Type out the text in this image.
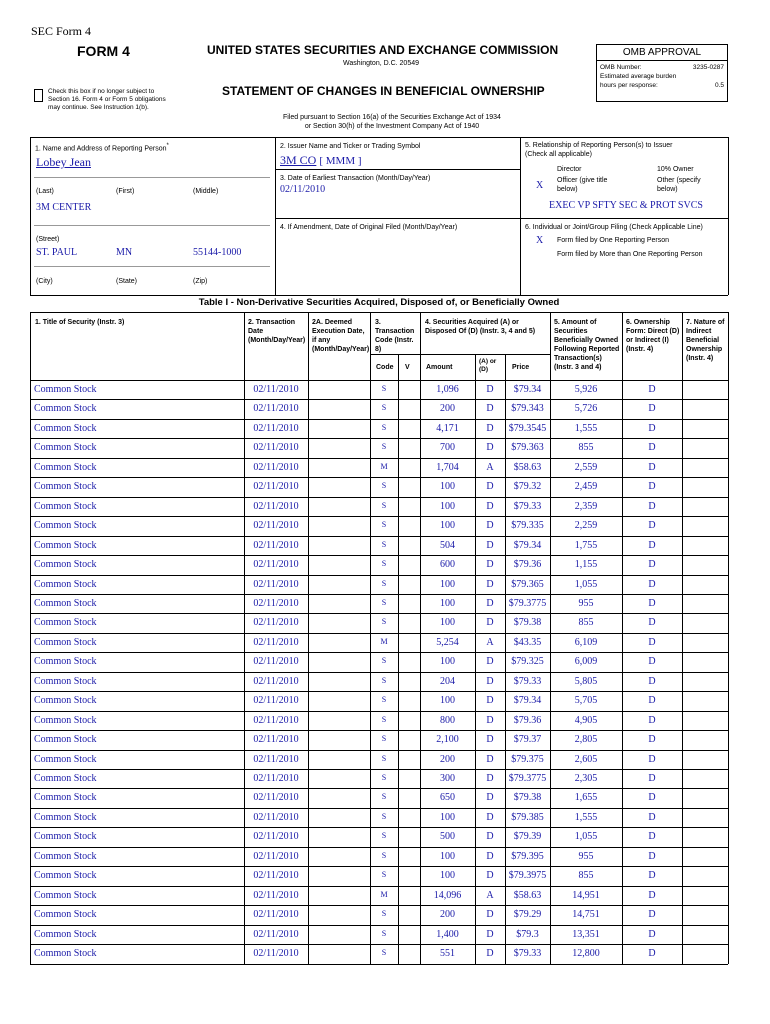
SEC Form 4
FORM 4	UNITED STATES SECURITIES AND EXCHANGE COMMISSION
Washington, D.C. 20549
Check this box if no longer subject to
Section 16. Form 4 or Form 5 obligations
may continue. See Instruction 1(b).
STATEMENT OF CHANGES IN BENEFICIAL OWNERSHIP
Filed pursuant to Section 16(a) of the Securities Exchange Act of 1934
or Section 30(h) of the Investment Company Act of 1940
OMB APPROVAL
OMB Number:	3235-0287
Estimated average burden
hours per response:	0.5
1. Name and Address of Reporting Person*
Lobey Jean
(Last)	(First)	(Middle)
3M CENTER
(Street)
ST. PAUL	MN	55144-1000
(City)	(State)	(Zip)
2. Issuer Name and Ticker or Trading Symbol
3M CO [ MMM ]
3. Date of Earliest Transaction (Month/Day/Year)
02/11/2010
4. If Amendment, Date of Original Filed (Month/Day/Year)
5. Relationship of Reporting Person(s) to Issuer
(Check all applicable)
Director	10% Owner
X Officer (give title
below)
Other (specify
below)
EXEC VP SFTY SEC & PROT SVCS
6. Individual or Joint/Group Filing (Check Applicable Line)
X Form filed by One Reporting Person
Form filed by More than One Reporting Person
Table I - Non-Derivative Securities Acquired, Disposed of, or Beneficially Owned
1. Title of Security (Instr. 3)	2. Transaction
Date
(Month/Day/Year)
2A. Deemed
Execution Date,
if any
(Month/Day/Year)
3.
Transaction
Code (Instr.
8)
4. Securities Acquired (A) or
Disposed Of (D) (Instr. 3, 4 and 5)
5. Amount of
Securities
Beneficially Owned
Following Reported
Transaction(s)
(Instr. 3 and 4)
6. Ownership
Form: Direct (D)
or Indirect (I)
(Instr. 4)
7. Nature of
Indirect
Beneficial
Ownership
(Instr. 4)
Code V Amount
(A) or
(D)	Price
Common Stock	02/11/2010	S	1,096	D	$79.34	5,926	D
Common Stock	02/11/2010	S	200	D	$79.343	5,726	D
Common Stock	02/11/2010	S	4,171	D	$79.3545	1,555	D
Common Stock	02/11/2010	S	700	D	$79.363	855	D
Common Stock	02/11/2010	M	1,704	A	$58.63	2,559	D
Common Stock	02/11/2010	S	100	D	$79.32	2,459	D
Common Stock	02/11/2010	S	100	D	$79.33	2,359	D
Common Stock	02/11/2010	S	100	D	$79.335	2,259	D
Common Stock	02/11/2010	S	504	D	$79.34	1,755	D
Common Stock	02/11/2010	S	600	D	$79.36	1,155	D
Common Stock	02/11/2010	S	100	D	$79.365	1,055	D
Common Stock	02/11/2010	S	100	D	$79.3775	955	D
Common Stock	02/11/2010	S	100	D	$79.38	855	D
Common Stock	02/11/2010	M	5,254	A	$43.35	6,109	D
Common Stock	02/11/2010	S	100	D	$79.325	6,009	D
Common Stock	02/11/2010	S	204	D	$79.33	5,805	D
Common Stock	02/11/2010	S	100	D	$79.34	5,705	D
Common Stock	02/11/2010	S	800	D	$79.36	4,905	D
Common Stock	02/11/2010	S	2,100	D	$79.37	2,805	D
Common Stock	02/11/2010	S	200	D	$79.375	2,605	D
Common Stock	02/11/2010	S	300	D	$79.3775	2,305	D
Common Stock	02/11/2010	S	650	D	$79.38	1,655	D
Common Stock	02/11/2010	S	100	D	$79.385	1,555	D
Common Stock	02/11/2010	S	500	D	$79.39	1,055	D
Common Stock	02/11/2010	S	100	D	$79.395	955	D
Common Stock	02/11/2010	S	100	D	$79.3975	855	D
Common Stock	02/11/2010	M	14,096	A	$58.63	14,951	D
Common Stock	02/11/2010	S	200	D	$79.29	14,751	D
Common Stock	02/11/2010	S	1,400	D	$79.3	13,351	D
Common Stock	02/11/2010	S	551	D	$79.33	12,800	D
